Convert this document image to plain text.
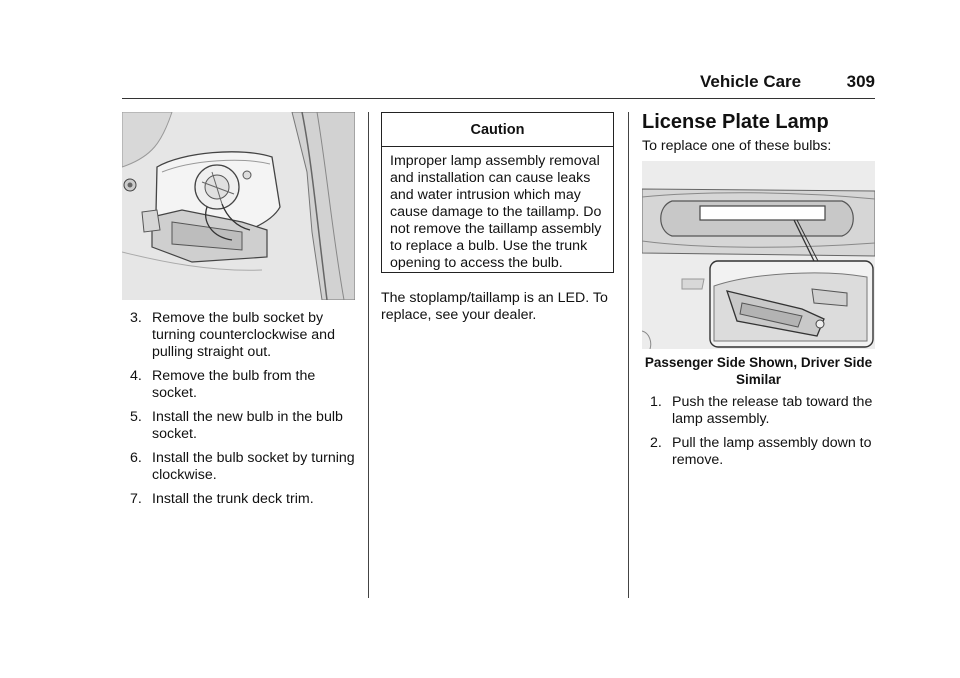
Vehicle Care	309
3. Remove the bulb socket by turning counterclockwise and pulling straight out.
4. Remove the bulb from the socket.
5. Install the new bulb in the bulb socket.
6. Install the bulb socket by turning clockwise.
7. Install the trunk deck trim.
Caution
Improper lamp assembly removal and installation can cause leaks and water intrusion which may cause damage to the taillamp. Do not remove the taillamp assembly to replace a bulb. Use the trunk opening to access the bulb.

The stoplamp/taillamp is an LED. To replace, see your dealer.

License Plate Lamp

To replace one of these bulbs:

Passenger Side Shown, Driver Side Similar
1. Push the release tab toward the lamp assembly.
2. Pull the lamp assembly down to remove.
